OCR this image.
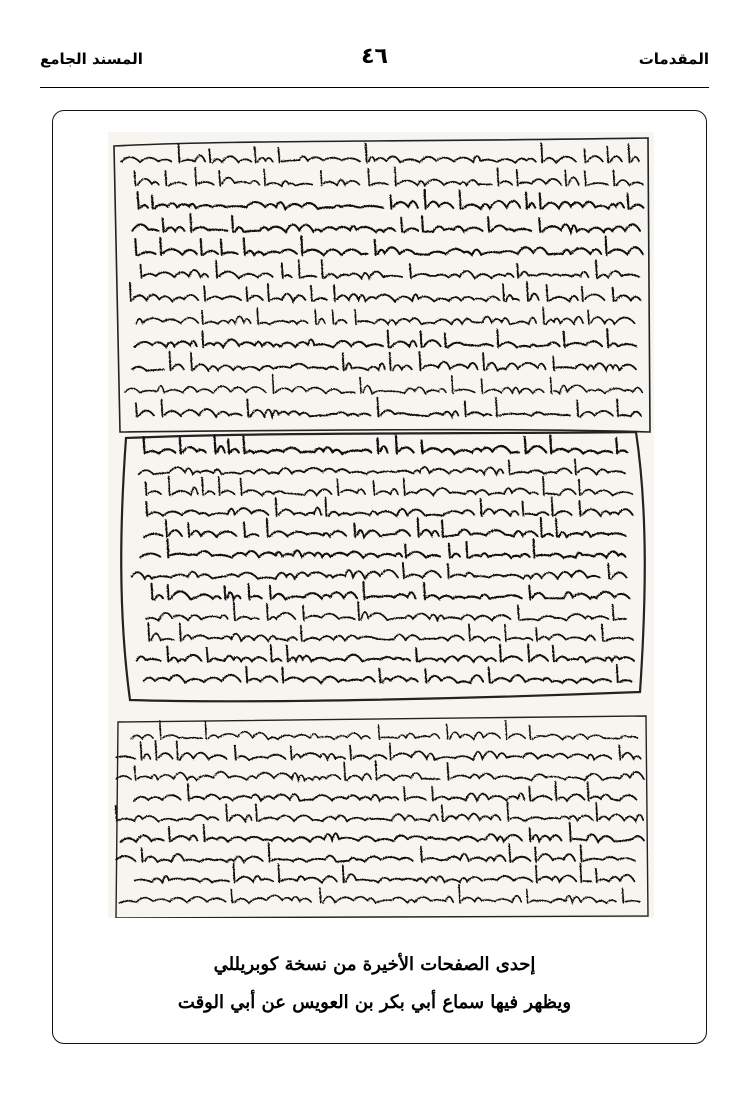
المقدمات
٤٦
المسند الجامع
إحدى الصفحات الأخيرة من نسخة كوبريللي
ويظهر فيها سماع أبي بكر بن العويس عن أبي الوقت
